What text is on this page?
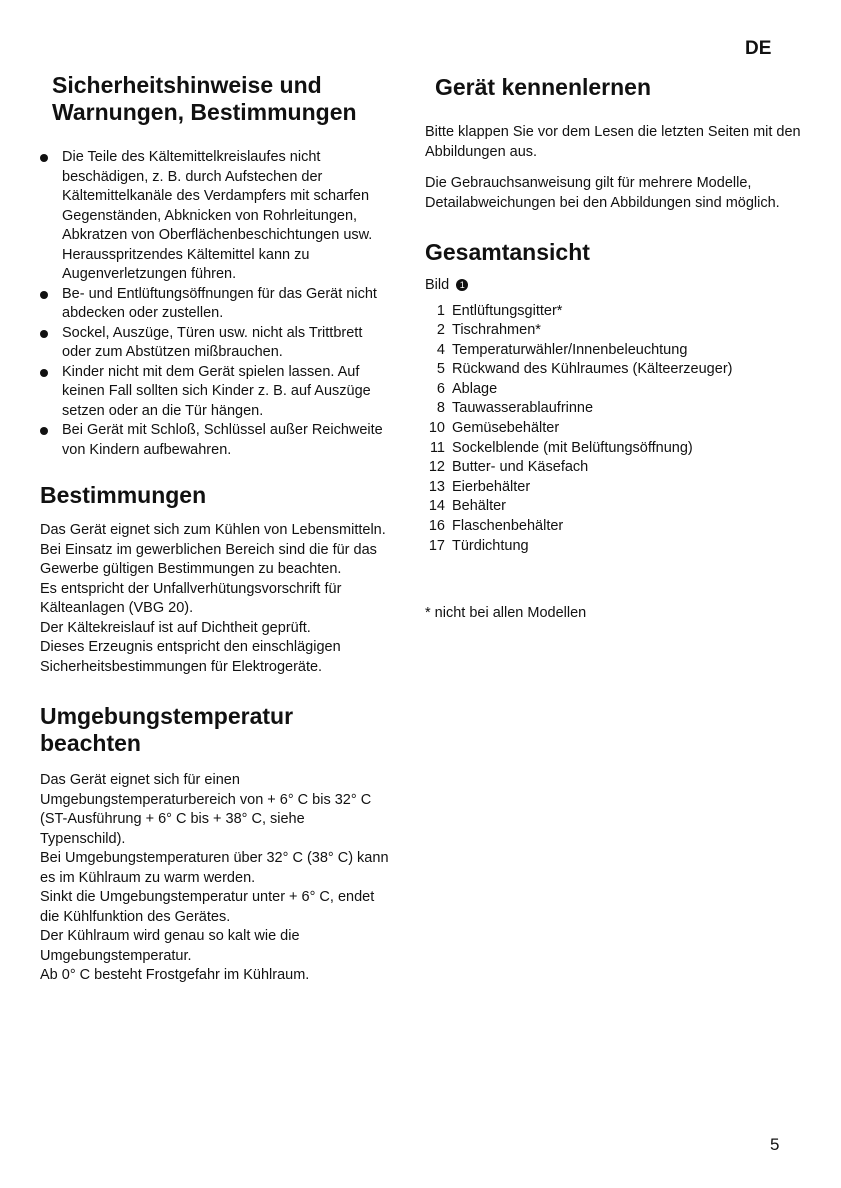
DE
Sicherheitshinweise und
Warnungen, Bestimmungen
Die Teile des Kältemittelkreislaufes nicht beschädigen, z. B. durch Aufstechen der Kältemittelkanäle des Verdampfers mit scharfen Gegenständen, Abknicken von Rohrleitungen, Abkratzen von Oberflächenbeschichtungen usw. Herausspritzendes Kältemittel kann zu Augenverletzungen führen.
Be- und Entlüftungsöffnungen für das Gerät nicht abdecken oder zustellen.
Sockel, Auszüge, Türen usw. nicht als Trittbrett oder zum Abstützen mißbrauchen.
Kinder nicht mit dem Gerät spielen lassen. Auf keinen Fall sollten sich Kinder z. B. auf Auszüge setzen oder an die Tür hängen.
Bei Gerät mit Schloß, Schlüssel außer Reichweite von Kindern aufbewahren.
Bestimmungen

Das Gerät eignet sich zum Kühlen von Lebensmitteln.

Bei Einsatz im gewerblichen Bereich sind die für das Gewerbe gültigen Bestimmungen zu beachten.

Es entspricht der Unfallverhütungsvorschrift für Kälteanlagen (VBG 20).

Der Kältekreislauf ist auf Dichtheit geprüft.

Dieses Erzeugnis entspricht den einschlägigen Sicherheitsbestimmungen für Elektrogeräte.

Umgebungstemperatur
beachten

Das Gerät eignet sich für einen Umgebungstemperaturbereich von + 6° C bis 32° C (ST-Ausführung + 6° C bis + 38° C, siehe Typenschild).

Bei Umgebungstemperaturen über 32° C (38° C) kann es im Kühlraum zu warm werden.

Sinkt die Umgebungstemperatur unter + 6° C, endet die Kühlfunktion des Gerätes.

Der Kühlraum wird genau so kalt wie die Umgebungstemperatur.

Ab 0° C besteht Frostgefahr im Kühlraum.

Gerät kennenlernen

Bitte klappen Sie vor dem Lesen die letzten Seiten mit den Abbildungen aus.

Die Gebrauchsanweisung gilt für mehrere Modelle, Detailabweichungen bei den Abbildungen sind möglich.

Gesamtansicht

Bild 1

1 Entlüftungsgitter*
2 Tischrahmen*
4 Temperaturwähler/Innenbeleuchtung
5 Rückwand des Kühlraumes (Kälteerzeuger)
6 Ablage
8 Tauwasserablaufrinne
10 Gemüsebehälter
11 Sockelblende (mit Belüftungsöffnung)
12 Butter- und Käsefach
13 Eierbehälter
14 Behälter
16 Flaschenbehälter
17 Türdichtung

* nicht bei allen Modellen

5
